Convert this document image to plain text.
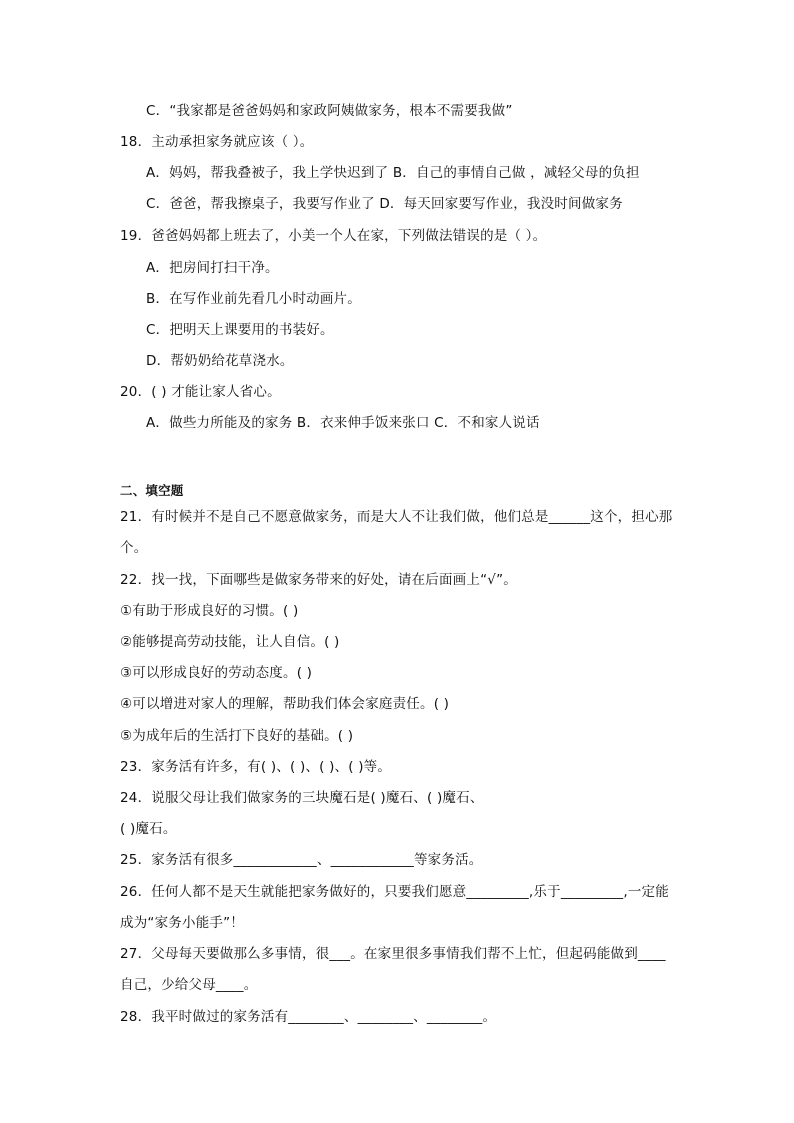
C．“我家都是爸爸妈妈和家政阿姨做家务，根本不需要我做”
18．主动承担家务就应该（ ）。
A．妈妈，帮我叠被子，我上学快迟到了 B．自己的事情自己做 ，减轻父母的负担
C．爸爸，帮我擦桌子，我要写作业了 D．每天回家要写作业，我没时间做家务
19．爸爸妈妈都上班去了，小美一个人在家，下列做法错误的是（ ）。
A．把房间打扫干净。
B．在写作业前先看几小时动画片。
C．把明天上课要用的书装好。
D．帮奶奶给花草浇水。
20．( ) 才能让家人省心。
A．做些力所能及的家务 B．衣来伸手饭来张口 C．不和家人说话
二、填空题
21．有时候并不是自己不愿意做家务，而是大人不让我们做，他们总是______这个，担心那
个。
22．找一找，下面哪些是做家务带来的好处，请在后面画上“√”。
①有助于形成良好的习惯。( )
②能够提高劳动技能，让人自信。( )
③可以形成良好的劳动态度。( )
④可以增进对家人的理解，帮助我们体会家庭责任。( )
⑤为成年后的生活打下良好的基础。( )
23．家务活有许多，有( )、( )、( )、( )等。
24．说服父母让我们做家务的三块魔石是( )魔石、( )魔石、
( )魔石。
25．家务活有很多____________、____________等家务活。
26．任何人都不是天生就能把家务做好的，只要我们愿意_________,乐于_________,一定能
成为“家务小能手”！
27．父母每天要做那么多事情，很___。在家里很多事情我们帮不上忙，但起码能做到____
自己，少给父母____。
28．我平时做过的家务活有________、________、________。
